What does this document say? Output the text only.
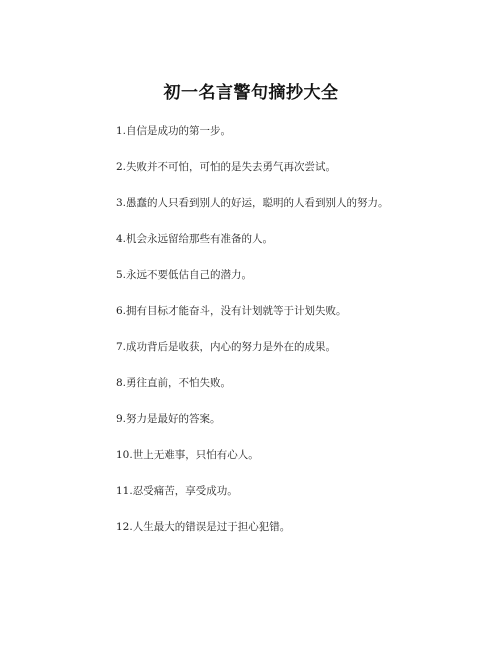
初一名言警句摘抄大全
1.自信是成功的第一步。
2.失败并不可怕，可怕的是失去勇气再次尝试。
3.愚蠢的人只看到别人的好运，聪明的人看到别人的努力。
4.机会永远留给那些有准备的人。
5.永远不要低估自己的潜力。
6.拥有目标才能奋斗，没有计划就等于计划失败。
7.成功背后是收获，内心的努力是外在的成果。
8.勇往直前，不怕失败。
9.努力是最好的答案。
10.世上无难事，只怕有心人。
11.忍受痛苦，享受成功。
12.人生最大的错误是过于担心犯错。
